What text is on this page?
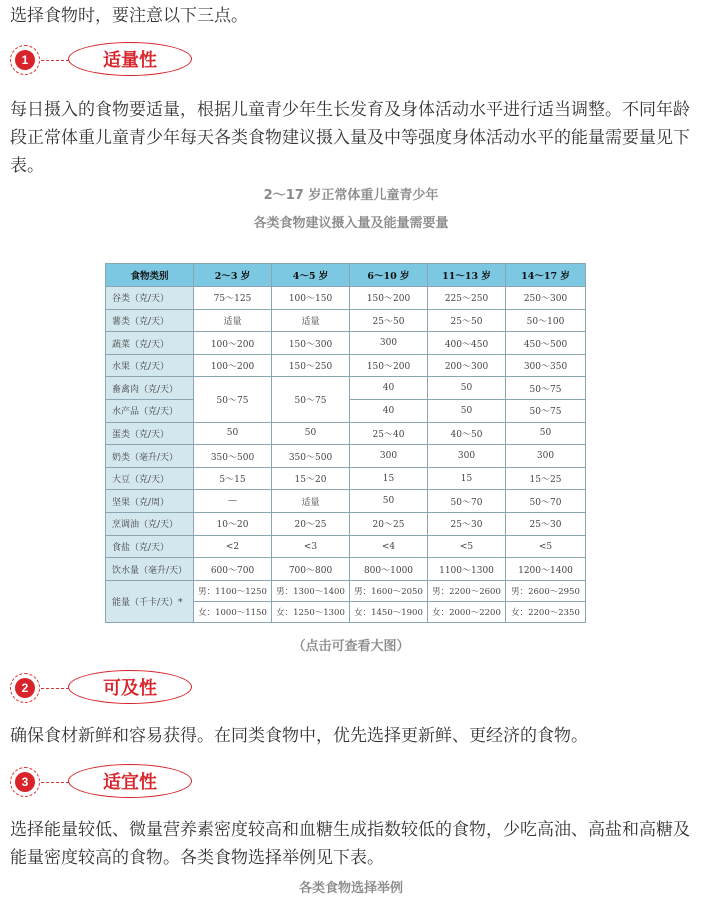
选择食物时，要注意以下三点。

1	适量性

每日摄入的食物要适量，根据儿童青少年生长发育及身体活动水平进行适当调整。不同年龄段正常体重儿童青少年每天各类食物建议摄入量及中等强度身体活动水平的能量需要量见下表。

2～17 岁正常体重儿童青少年
各类食物建议摄入量及能量需要量
食物类别	2～3 岁	4～5 岁	6～10 岁	11～13 岁	14～17 岁
谷类（克/天）	75～125	100～150	150～200	225～250	250～300
薯类（克/天）	适量	适量	25～50	25～50	50～100
蔬菜（克/天）	100～200	150～300	300	400～450	450～500
水果（克/天）	100～200	150～250	150～200	200～300	300～350
畜禽肉（克/天）	50～75	50～75	40	50	50～75
水产品（克/天）			40	50	50～75
蛋类（克/天）	50	50	25～40	40～50	50
奶类（毫升/天）	350～500	350～500	300	300	300
大豆（克/天）	5～15	15～20	15	15	15～25
坚果（克/周）	—	适量	50	50～70	50～70
烹调油（克/天）	10～20	20～25	20～25	25～30	25～30
食盐（克/天）	<2	<3	<4	<5	<5
饮水量（毫升/天）	600～700	700～800	800～1000	1100～1300	1200～1400
能量（千卡/天）*	男：1100～1250	男：1300～1400	男：1600～2050	男：2200～2600	男：2600～2950
	女：1000～1150	女：1250～1300	女：1450～1900	女：2000～2200	女：2200～2350
（点击可查看大图）
2	可及性

确保食材新鲜和容易获得。在同类食物中，优先选择更新鲜、更经济的食物。

3	适宜性

选择能量较低、微量营养素密度较高和血糖生成指数较低的食物，少吃高油、高盐和高糖及能量密度较高的食物。各类食物选择举例见下表。

各类食物选择举例
